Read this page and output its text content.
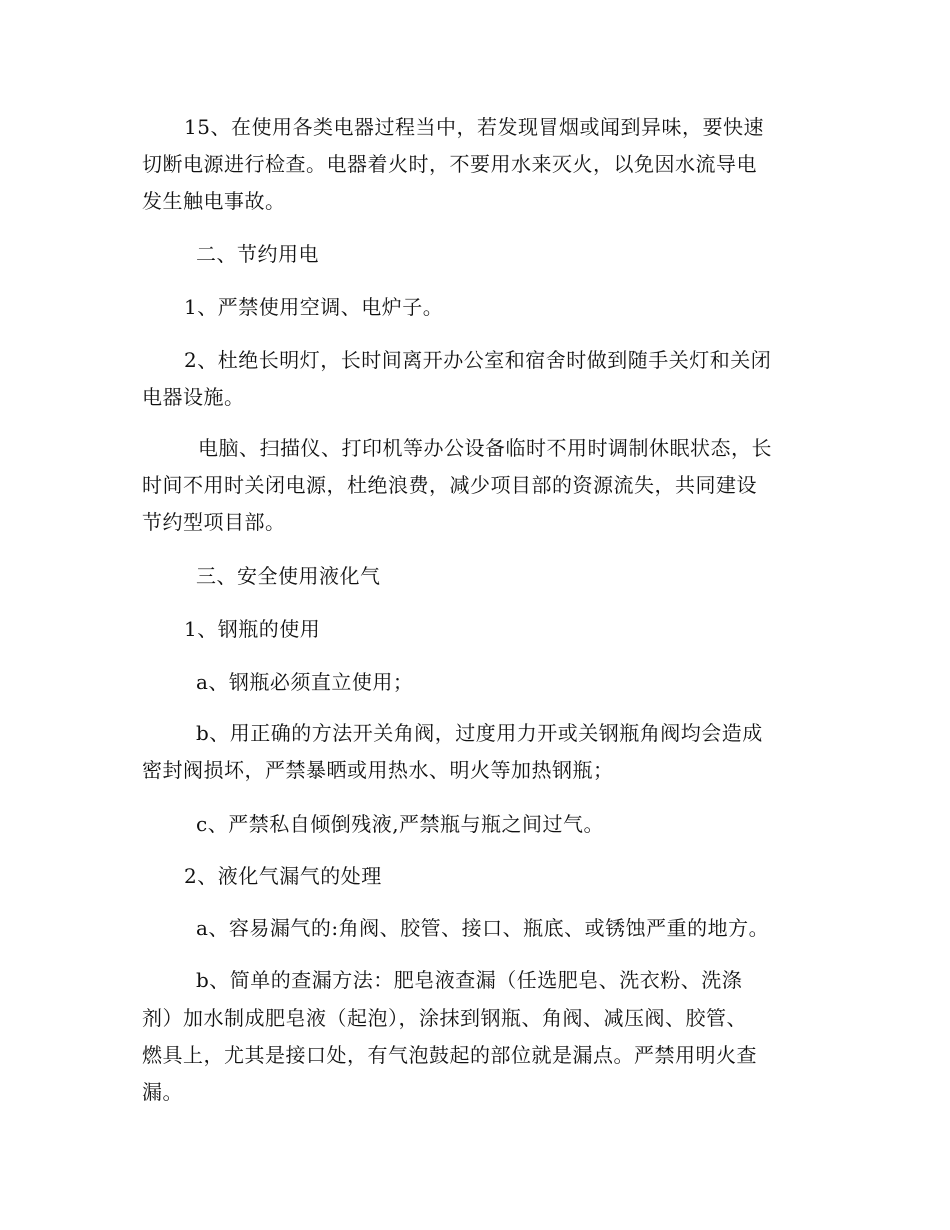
15、在使用各类电器过程当中，若发现冒烟或闻到异味，要快速
切断电源进行检查。电器着火时，不要用水来灭火，以免因水流导电
发生触电事故。
二、节约用电
1、严禁使用空调、电炉子。
2、杜绝长明灯，长时间离开办公室和宿舍时做到随手关灯和关闭
电器设施。
电脑、扫描仪、打印机等办公设备临时不用时调制休眠状态，长
时间不用时关闭电源，杜绝浪费，减少项目部的资源流失，共同建设
节约型项目部。
三、安全使用液化气
1、钢瓶的使用
a、钢瓶必须直立使用；
b、用正确的方法开关角阀，过度用力开或关钢瓶角阀均会造成
密封阀损坏，严禁暴晒或用热水、明火等加热钢瓶；
c、严禁私自倾倒残液,严禁瓶与瓶之间过气。
2、液化气漏气的处理
a、容易漏气的:角阀、胶管、接口、瓶底、或锈蚀严重的地方。
b、简单的查漏方法：肥皂液查漏（任选肥皂、洗衣粉、洗涤
剂）加水制成肥皂液（起泡），涂抹到钢瓶、角阀、减压阀、胶管、
燃具上，尤其是接口处，有气泡鼓起的部位就是漏点。严禁用明火查
漏。
